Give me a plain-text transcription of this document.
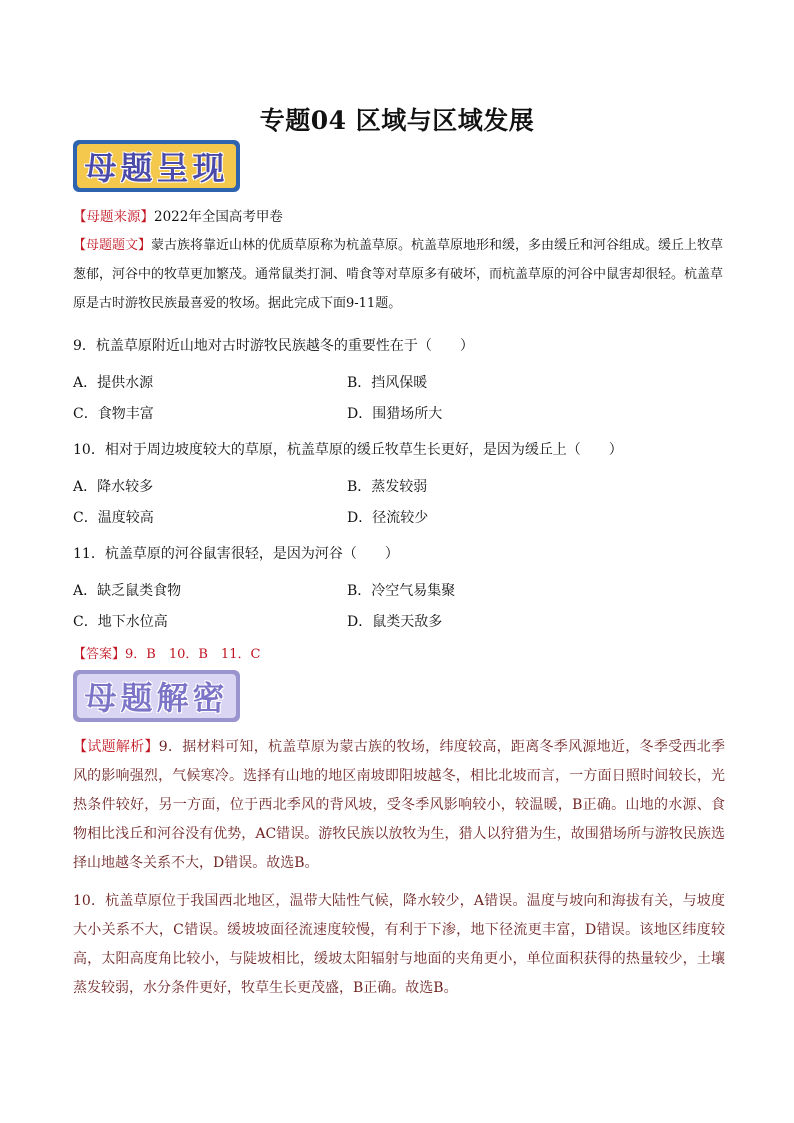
专题04 区域与区域发展
母题呈现
【母题来源】2022年全国高考甲卷
【母题题文】蒙古族将靠近山林的优质草原称为杭盖草原。杭盖草原地形和缓，多由缓丘和河谷组成。缓丘上牧草葱郁，河谷中的牧草更加繁茂。通常鼠类打洞、啃食等对草原多有破坏，而杭盖草原的河谷中鼠害却很轻。杭盖草原是古时游牧民族最喜爱的牧场。据此完成下面9-11题。
9．杭盖草原附近山地对古时游牧民族越冬的重要性在于（　　）
A．提供水源	B．挡风保暖
C．食物丰富	D．围猎场所大
10．相对于周边坡度较大的草原，杭盖草原的缓丘牧草生长更好，是因为缓丘上（　　）
A．降水较多	B．蒸发较弱
C．温度较高	D．径流较少
11．杭盖草原的河谷鼠害很轻，是因为河谷（　　）
A．缺乏鼠类食物	B．冷空气易集聚
C．地下水位高	D．鼠类天敌多
【答案】9．B　10．B　11．C
母题解密
【试题解析】9．据材料可知，杭盖草原为蒙古族的牧场，纬度较高，距离冬季风源地近，冬季受西北季风的影响强烈，气候寒冷。选择有山地的地区南坡即阳坡越冬，相比北坡而言，一方面日照时间较长，光热条件较好，另一方面，位于西北季风的背风坡，受冬季风影响较小，较温暖，B正确。山地的水源、食物相比浅丘和河谷没有优势，AC错误。游牧民族以放牧为生，猎人以狩猎为生，故围猎场所与游牧民族选择山地越冬关系不大，D错误。故选B。
10．杭盖草原位于我国西北地区，温带大陆性气候，降水较少，A错误。温度与坡向和海拔有关，与坡度大小关系不大，C错误。缓坡坡面径流速度较慢，有利于下渗，地下径流更丰富，D错误。该地区纬度较高，太阳高度角比较小，与陡坡相比，缓坡太阳辐射与地面的夹角更小，单位面积获得的热量较少，土壤蒸发较弱，水分条件更好，牧草生长更茂盛，B正确。故选B。
